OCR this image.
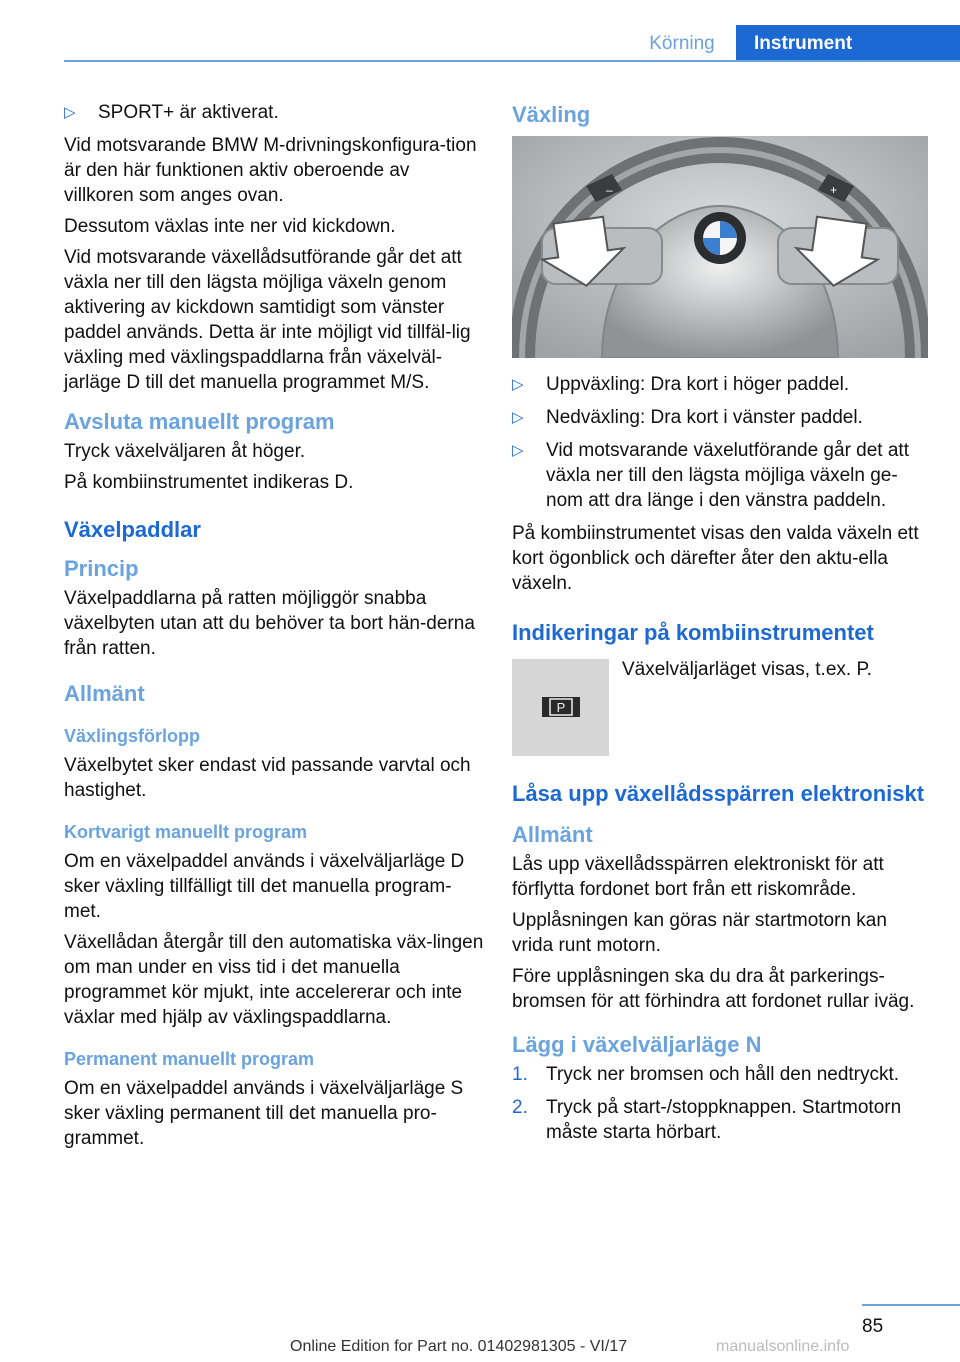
Körning	Instrument
▷ SPORT+ är aktiverat.

Vid motsvarande BMW M-drivningskonfigura-tion är den här funktionen aktiv oberoende av villkoren som anges ovan.

Dessutom växlas inte ner vid kickdown.

Vid motsvarande växellådsutförande går det att växla ner till den lägsta möjliga växeln genom aktivering av kickdown samtidigt som vänster paddel används. Detta är inte möjligt vid tillfäl-lig växling med växlingspaddlarna från växelväl-jarläge D till det manuella programmet M/S.

Avsluta manuellt program

Tryck växelväljaren åt höger.

På kombiinstrumentet indikeras D.

Växelpaddlar
Princip

Växelpaddlarna på ratten möjliggör snabba växelbyten utan att du behöver ta bort hän-derna från ratten.

Allmänt
Växlingsförlopp

Växelbytet sker endast vid passande varvtal och hastighet.

Kortvarigt manuellt program

Om en växelpaddel används i växelväljarläge D sker växling tillfälligt till det manuella program-met.

Växellådan återgår till den automatiska väx-lingen om man under en viss tid i det manuella programmet kör mjukt, inte accelererar och inte växlar med hjälp av växlingspaddlarna.

Permanent manuellt program

Om en växelpaddel används i växelväljarläge S sker växling permanent till det manuella pro-grammet.

Växling
–	+
▷ Uppväxling: Dra kort i höger paddel.
▷ Nedväxling: Dra kort i vänster paddel.
▷ Vid motsvarande växelutförande går det att växla ner till den lägsta möjliga växeln ge-nom att dra länge i den vänstra paddeln.

På kombiinstrumentet visas den valda växeln ett kort ögonblick och därefter åter den aktu-ella växeln.

Indikeringar på kombiinstrumentet
P
Växelväljarläget visas, t.ex. P.
Låsa upp växellådsspärren elektroniskt
Allmänt

Lås upp växellådsspärren elektroniskt för att förflytta fordonet bort från ett riskområde.

Upplåsningen kan göras när startmotorn kan vrida runt motorn.

Före upplåsningen ska du dra åt parkerings-bromsen för att förhindra att fordonet rullar iväg.

Lägg i växelväljarläge N
1. Tryck ner bromsen och håll den nedtryckt.
2. Tryck på start-/stoppknappen. Startmotorn måste starta hörbart.
85
Online Edition for Part no. 01402981305 - VI/17	manualsonline.info
